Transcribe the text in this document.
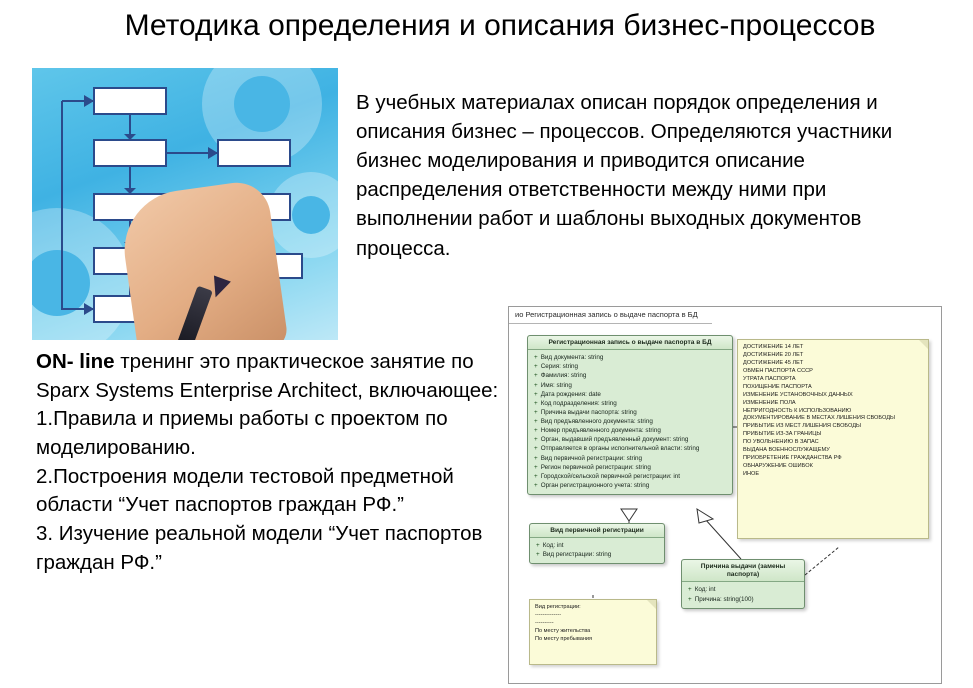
Методика определения и описания бизнес-процессов
В учебных материалах описан порядок определения и описания бизнес – процессов. Определяются участники бизнес моделирования и приводится описание распределения ответственности между ними при выполнении работ и шаблоны выходных документов процесса.

ON- line тренинг это практическое занятие по Sparx Systems Enterprise Architect, включающее:

1.Правила и приемы работы с проектом по моделированию.

2.Построения модели тестовой предметной области “Учет паспортов граждан РФ.”

3. Изучение реальной модели “Учет паспортов граждан РФ.”

ио Регистрационная запись о выдаче паспорта в БД
Регистрационная запись о выдаче паспорта в БД
+ Вид документа: string
+ Серия: string
+ Фамилия: string
+ Имя: string
+ Дата рождения: date
+ Код подразделения: string
+ Причина выдачи паспорта: string
+ Вид предъявленного документа: string
+ Номер предъявленного документа: string
+ Орган, выдавший предъявленный документ: string
+ Отправляется в органы исполнительной власти: string
+ Вид первичной регистрации: string
+ Регион первичной регистрации: string
+ Городской/сельской первичной регистрации: int
+ Орган регистрационного учета: string
ДОСТИЖЕНИЕ 14 ЛЕТ
ДОСТИЖЕНИЕ 20 ЛЕТ
ДОСТИЖЕНИЕ 45 ЛЕТ
ОБМЕН ПАСПОРТА СССР
УТРАТА ПАСПОРТА
ПОХИЩЕНИЕ ПАСПОРТА
ИЗМЕНЕНИЕ УСТАНОВОЧНЫХ ДАННЫХ
ИЗМЕНЕНИЕ ПОЛА
НЕПРИГОДНОСТЬ К ИСПОЛЬЗОВАНИЮ
ДОКУМЕНТИРОВАНИЕ В МЕСТАХ ЛИШЕНИЯ СВОБОДЫ
ПРИБЫТИЕ ИЗ МЕСТ ЛИШЕНИЯ СВОБОДЫ
ПРИБЫТИЕ ИЗ-ЗА ГРАНИЦЫ
ПО УВОЛЬНЕНИЮ В ЗАПАС
ВЫДАНА ВОЕННОСЛУЖАЩЕМУ
ПРИОБРЕТЕНИЕ ГРАЖДАНСТВА РФ
ОБНАРУЖЕНИЕ ОШИБОК
ИНОЕ
Вид первичной регистрации
+ Код: int
+ Вид регистрации: string
Причина выдачи (замены паспорта)
+ Код: int
+ Причина: string(100)
Вид регистрации:
--------------
----------
По месту жительства
По месту пребывания
